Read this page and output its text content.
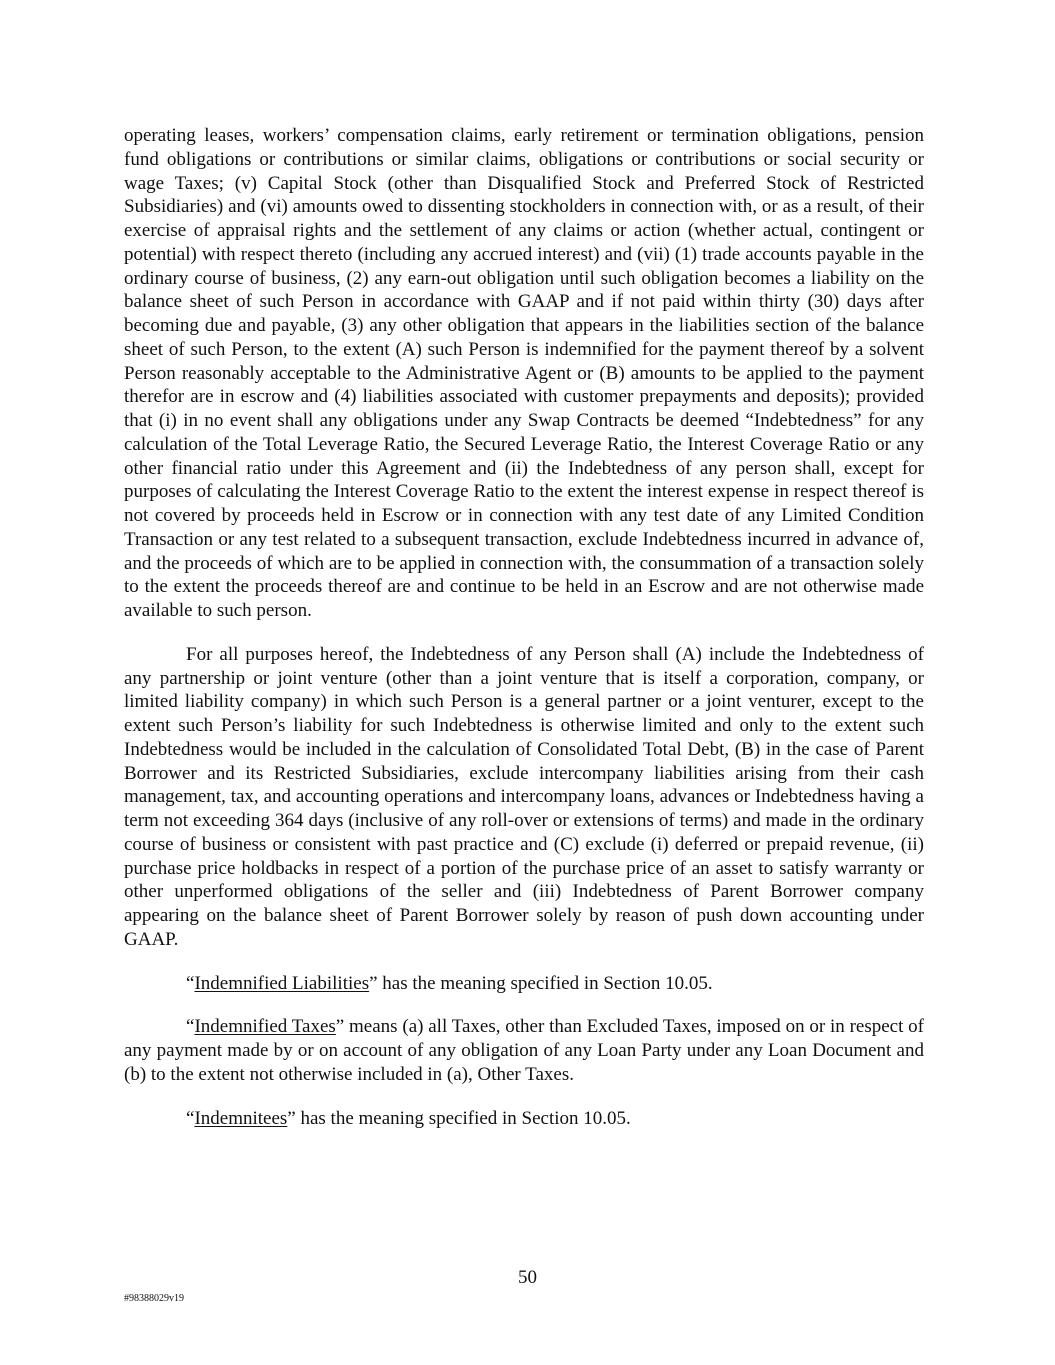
operating leases, workers’ compensation claims, early retirement or termination obligations, pension fund obligations or contributions or similar claims, obligations or contributions or social security or wage Taxes; (v) Capital Stock (other than Disqualified Stock and Preferred Stock of Restricted Subsidiaries) and (vi) amounts owed to dissenting stockholders in connection with, or as a result, of their exercise of appraisal rights and the settlement of any claims or action (whether actual, contingent or potential) with respect thereto (including any accrued interest) and (vii) (1) trade accounts payable in the ordinary course of business, (2) any earn-out obligation until such obligation becomes a liability on the balance sheet of such Person in accordance with GAAP and if not paid within thirty (30) days after becoming due and payable, (3) any other obligation that appears in the liabilities section of the balance sheet of such Person, to the extent (A) such Person is indemnified for the payment thereof by a solvent Person reasonably acceptable to the Administrative Agent or (B) amounts to be applied to the payment therefor are in escrow and (4) liabilities associated with customer prepayments and deposits); provided that (i) in no event shall any obligations under any Swap Contracts be deemed “Indebtedness” for any calculation of the Total Leverage Ratio, the Secured Leverage Ratio, the Interest Coverage Ratio or any other financial ratio under this Agreement and (ii) the Indebtedness of any person shall, except for purposes of calculating the Interest Coverage Ratio to the extent the interest expense in respect thereof is not covered by proceeds held in Escrow or in connection with any test date of any Limited Condition Transaction or any test related to a subsequent transaction, exclude Indebtedness incurred in advance of, and the proceeds of which are to be applied in connection with, the consummation of a transaction solely to the extent the proceeds thereof are and continue to be held in an Escrow and are not otherwise made available to such person.

For all purposes hereof, the Indebtedness of any Person shall (A) include the Indebtedness of any partnership or joint venture (other than a joint venture that is itself a corporation, company, or limited liability company) in which such Person is a general partner or a joint venturer, except to the extent such Person’s liability for such Indebtedness is otherwise limited and only to the extent such Indebtedness would be included in the calculation of Consolidated Total Debt, (B) in the case of Parent Borrower and its Restricted Subsidiaries, exclude intercompany liabilities arising from their cash management, tax, and accounting operations and intercompany loans, advances or Indebtedness having a term not exceeding 364 days (inclusive of any roll-over or extensions of terms) and made in the ordinary course of business or consistent with past practice and (C) exclude (i) deferred or prepaid revenue, (ii) purchase price holdbacks in respect of a portion of the purchase price of an asset to satisfy warranty or other unperformed obligations of the seller and (iii) Indebtedness of Parent Borrower company appearing on the balance sheet of Parent Borrower solely by reason of push down accounting under GAAP.

“Indemnified Liabilities” has the meaning specified in Section 10.05.

“Indemnified Taxes” means (a) all Taxes, other than Excluded Taxes, imposed on or in respect of any payment made by or on account of any obligation of any Loan Party under any Loan Document and (b) to the extent not otherwise included in (a), Other Taxes.

“Indemnitees” has the meaning specified in Section 10.05.

50
#98388029v19
